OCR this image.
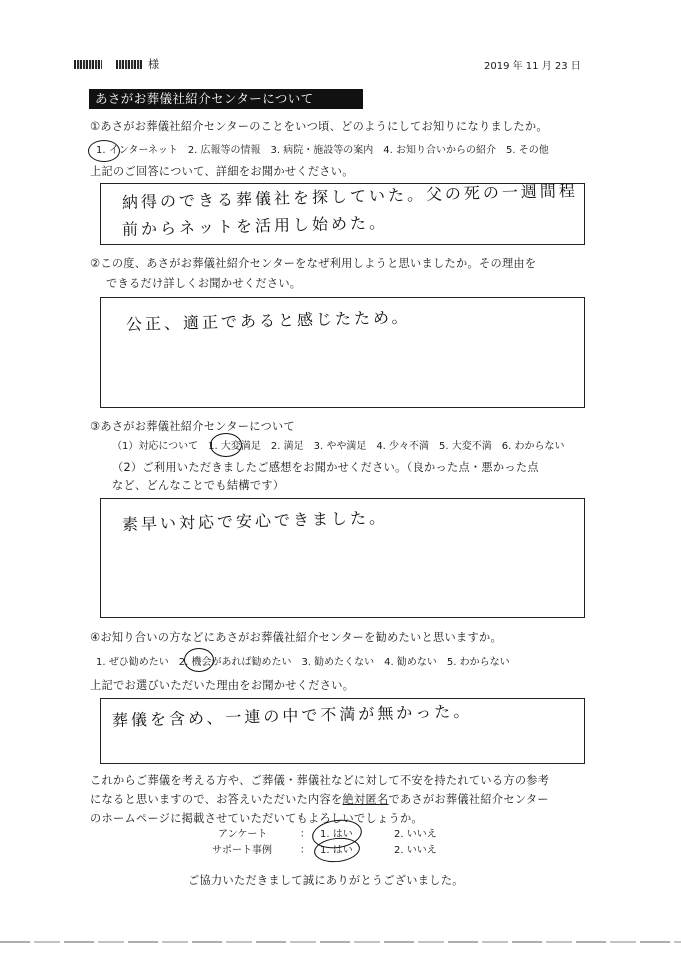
様	2019 年 11 月 23 日
あさがお葬儀社紹介センターについて
①あさがお葬儀社紹介センターのことをいつ頃、どのようにしてお知りになりましたか。
1. インターネット　2. 広報等の情報　3. 病院・施設等の案内　4. お知り合いからの紹介　5. その他
上記のご回答について、詳細をお聞かせください。
納得のできる葬儀社を探していた。父の死の一週間程
前からネットを活用し始めた。
②この度、あさがお葬儀社紹介センターをなぜ利用しようと思いましたか。その理由を
できるだけ詳しくお聞かせください。
公正、適正であると感じたため。
③あさがお葬儀社紹介センターについて
（1）対応について　1. 大変満足　2. 満足　3. やや満足　4. 少々不満　5. 大変不満　6. わからない
（2）ご利用いただきましたご感想をお聞かせください。（良かった点・悪かった点
など、どんなことでも結構です）
素早い対応で安心できました。
④お知り合いの方などにあさがお葬儀社紹介センターを勧めたいと思いますか。
1. ぜひ勧めたい　2. 機会があれば勧めたい　3. 勧めたくない　4. 勧めない　5. わからない
上記でお選びいただいた理由をお聞かせください。
葬儀を含め、一連の中で不満が無かった。
これからご葬儀を考える方や、ご葬儀・葬儀社などに対して不安を持たれている方の参考
になると思いますので、お答えいただいた内容を絶対匿名であさがお葬儀社紹介センター
のホームページに掲載させていただいてもよろしいでしょうか。
アンケート	： 1. はい	2. いいえ
サポート事例	： 1. はい	2. いいえ
ご協力いただきまして誠にありがとうございました。
